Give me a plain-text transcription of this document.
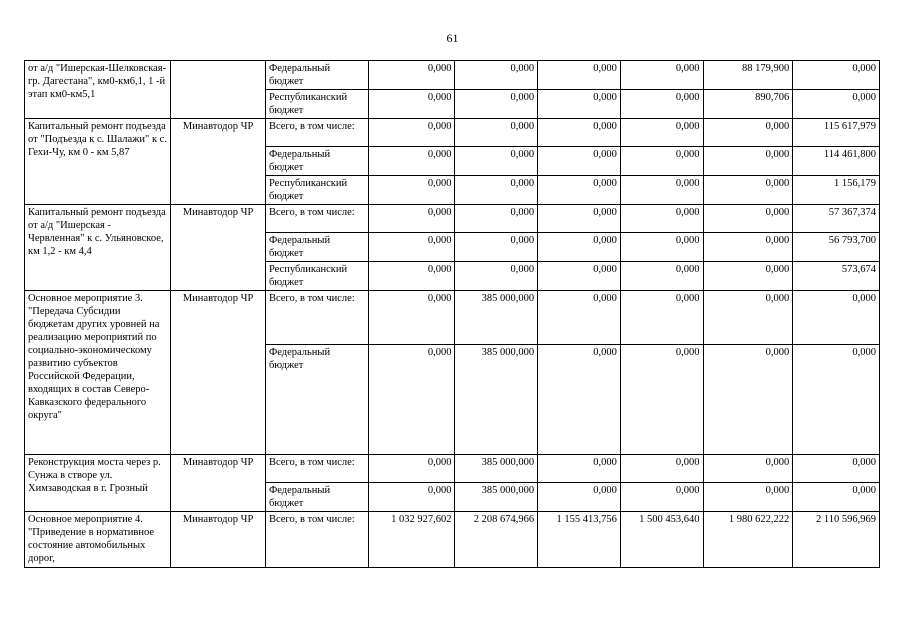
61
от а/д "Ишерская-Шелковская-гр. Дагестана", км0-км6,1, 1 -й этап км0-км5,1		Федеральный бюджет	0,000	0,000	0,000	0,000	88 179,900	0,000
		Республиканский бюджет	0,000	0,000	0,000	0,000	890,706	0,000
Капитальный ремонт подъезда от "Подъезда к с. Шалажи" к с. Гехи-Чу, км 0 - км 5,87	Минавтодор ЧР	Всего, в том числе:	0,000	0,000	0,000	0,000	0,000	115 617,979
		Федеральный бюджет	0,000	0,000	0,000	0,000	0,000	114 461,800
		Республиканский бюджет	0,000	0,000	0,000	0,000	0,000	1 156,179
Капитальный ремонт подъезда от а/д "Ишерская - Червленная" к с. Ульяновское, км 1,2 - км 4,4	Минавтодор ЧР	Всего, в том числе:	0,000	0,000	0,000	0,000	0,000	57 367,374
		Федеральный бюджет	0,000	0,000	0,000	0,000	0,000	56 793,700
		Республиканский бюджет	0,000	0,000	0,000	0,000	0,000	573,674
Основное мероприятие 3. "Передача Субсидии бюджетам других уровней на реализацию мероприятий по социально-экономическому развитию субъектов Российской Федерации, входящих в состав Северо-Кавказского федерального округа"	Минавтодор ЧР	Всего, в том числе:	0,000	385 000,000	0,000	0,000	0,000	0,000
		Федеральный бюджет	0,000	385 000,000	0,000	0,000	0,000	0,000
Реконструкция моста через р. Сунжа в створе ул. Химзаводская в г. Грозный	Минавтодор ЧР	Всего, в том числе:	0,000	385 000,000	0,000	0,000	0,000	0,000
		Федеральный бюджет	0,000	385 000,000	0,000	0,000	0,000	0,000
Основное мероприятие 4. "Приведение в нормативное состояние автомобильных дорог,	Минавтодор ЧР	Всего, в том числе:	1 032 927,602	2 208 674,966	1 155 413,756	1 500 453,640	1 980 622,222	2 110 596,969
